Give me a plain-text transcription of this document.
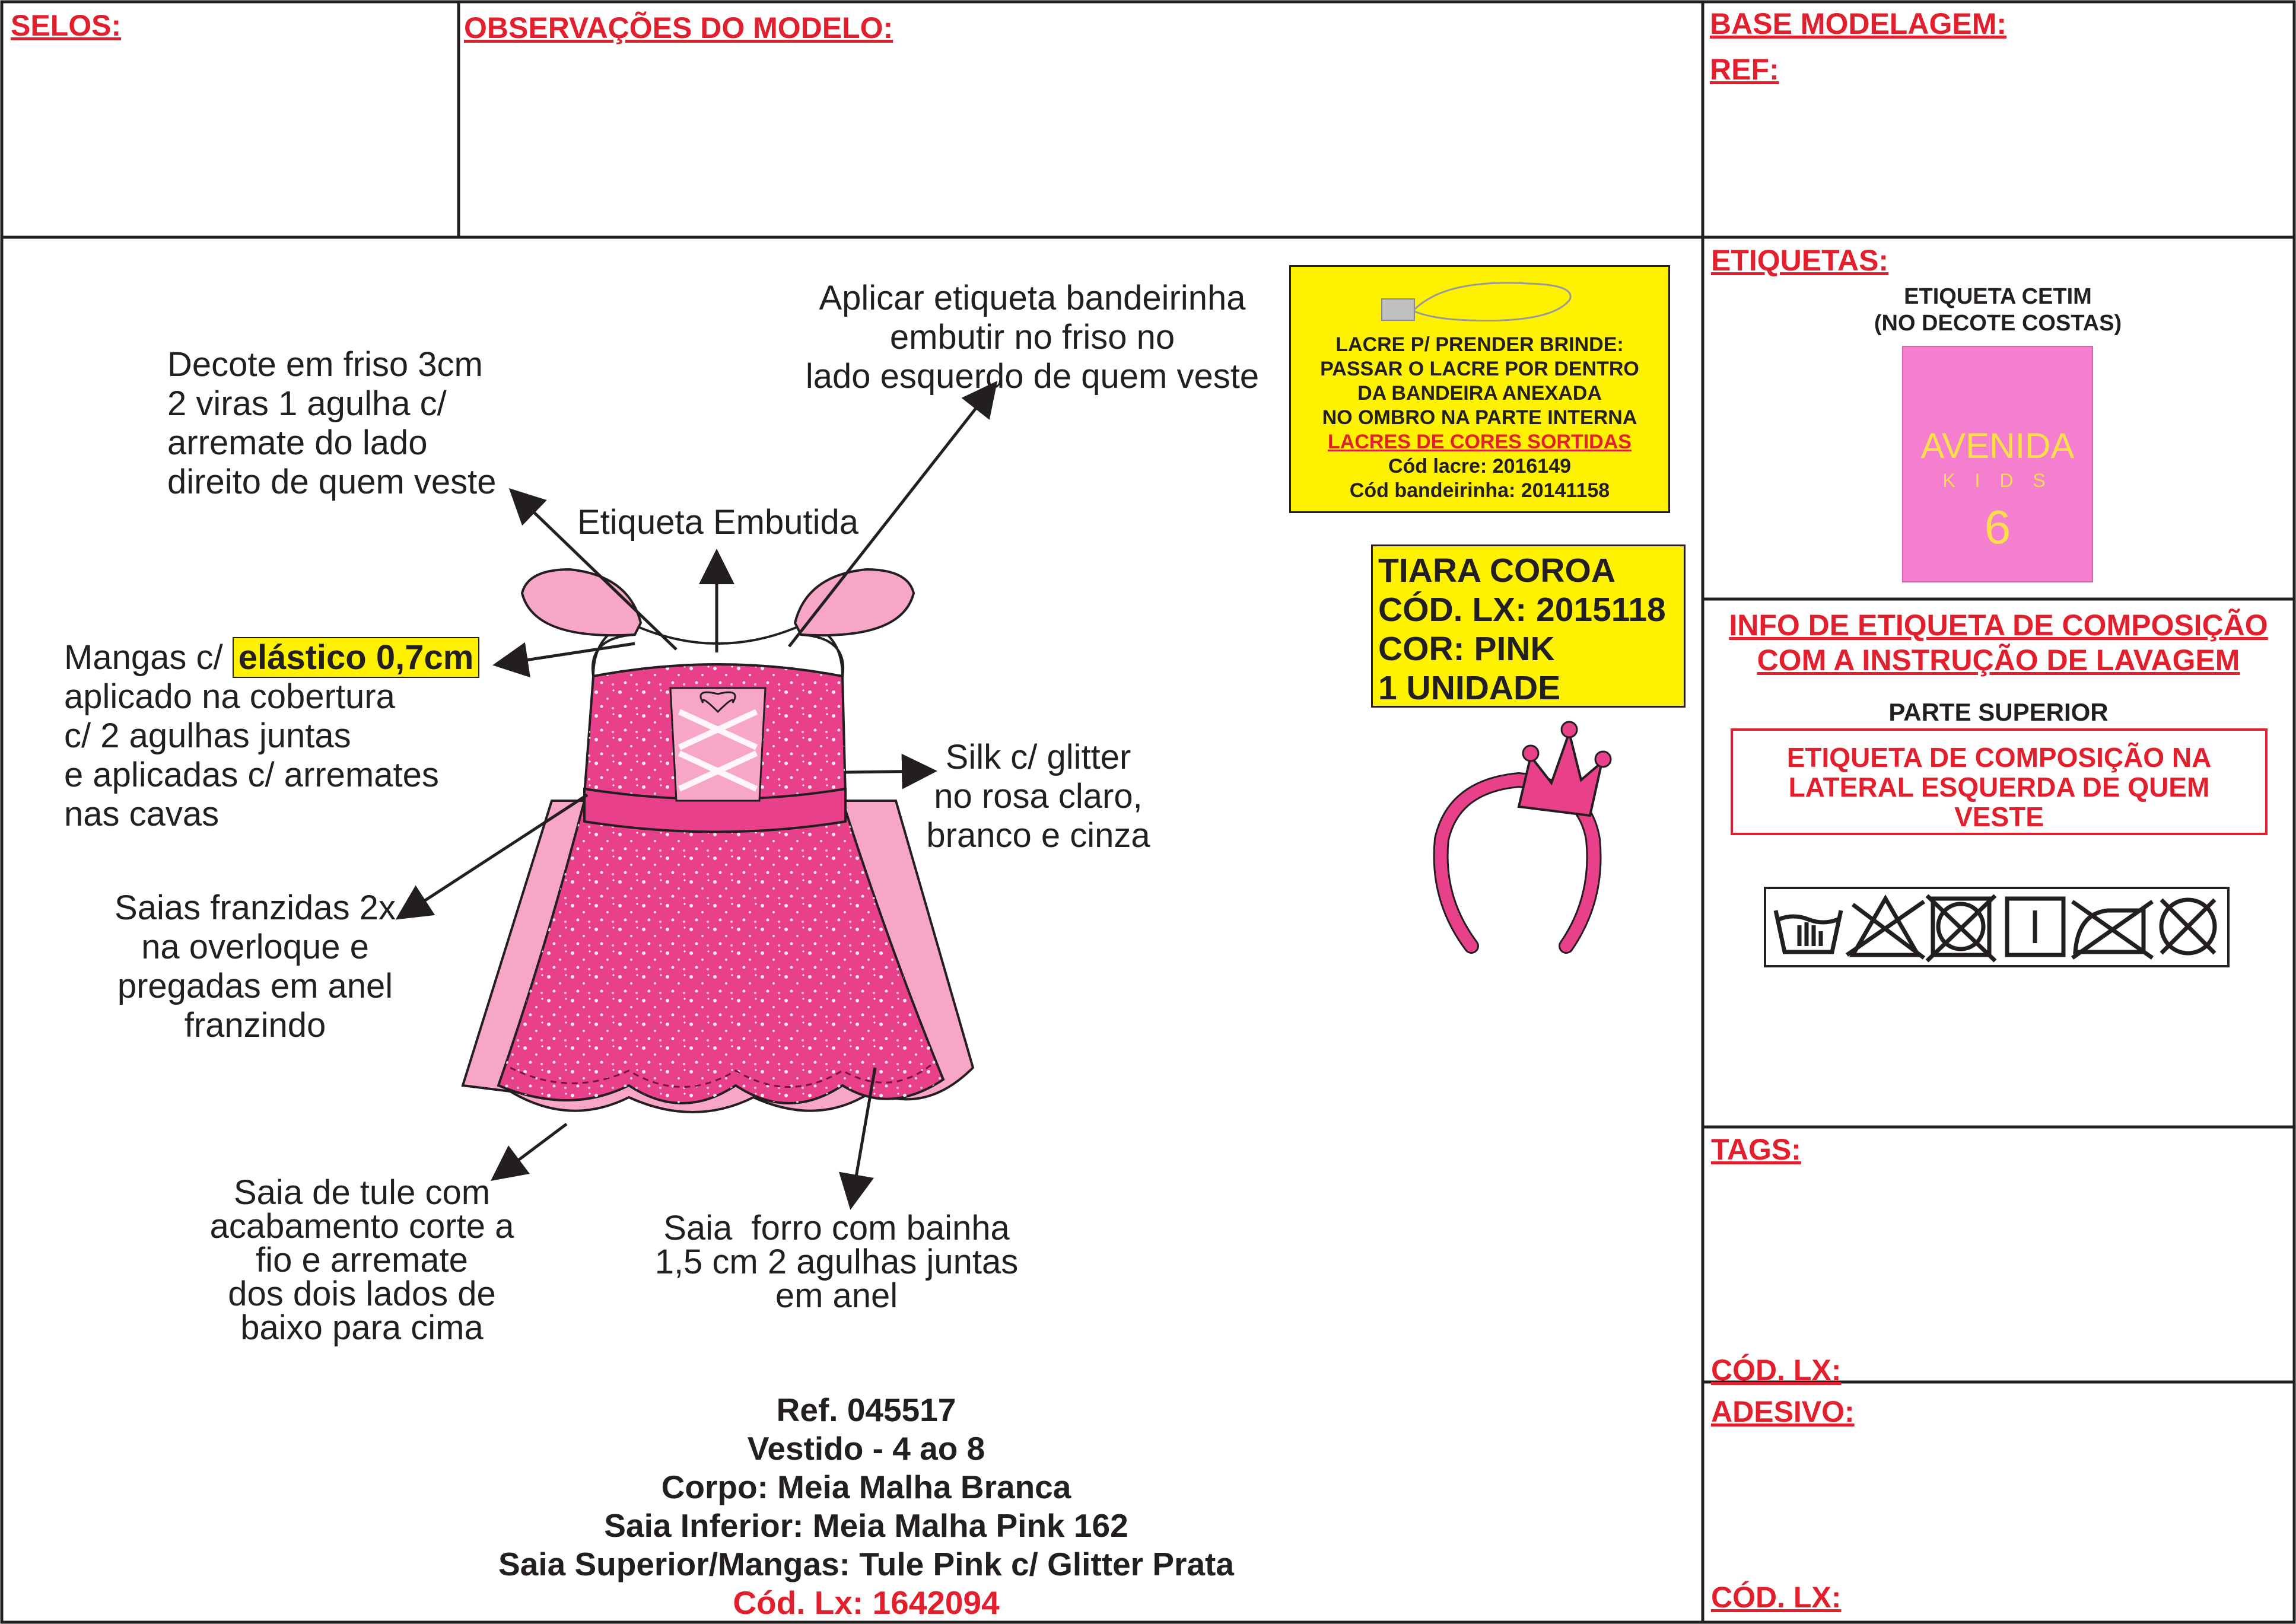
SELOS:	OBSERVAÇÕES DO MODELO:	BASE MODELAGEM:
REF:
Decote em friso 3cm
2 viras 1 agulha c/
arremate do lado
direito de quem veste
Aplicar etiqueta bandeirinha
embutir no friso no
lado esquerdo de quem veste
Etiqueta Embutida
Mangas c/ elástico 0,7cm
aplicado na cobertura
c/ 2 agulhas juntas
e aplicadas c/ arremates
nas cavas
Silk c/ glitter
no rosa claro,
branco e cinza
Saias franzidas 2x
na overloque e
pregadas em anel
franzindo
Saia de tule com
acabamento corte a
fio e arremate
dos dois lados de
baixo para cima
Saia  forro com bainha
1,5 cm 2 agulhas juntas
em anel
LACRE P/ PRENDER BRINDE:
PASSAR O LACRE POR DENTRO
DA BANDEIRA ANEXADA
NO OMBRO NA PARTE INTERNA
LACRES DE CORES SORTIDAS
Cód lacre: 2016149
Cód bandeirinha: 20141158
TIARA COROA
CÓD. LX: 2015118
COR: PINK
1 UNIDADE
Ref. 045517
Vestido - 4 ao 8
Corpo: Meia Malha Branca
Saia Inferior: Meia Malha Pink 162
Saia Superior/Mangas: Tule Pink c/ Glitter Prata
Cód. Lx: 1642094
ETIQUETAS:
ETIQUETA CETIM
(NO DECOTE COSTAS)
AVENIDA
K I D S
6
INFO DE ETIQUETA DE COMPOSIÇÃO
COM A INSTRUÇÃO DE LAVAGEM
PARTE SUPERIOR
ETIQUETA DE COMPOSIÇÃO NA
LATERAL ESQUERDA DE QUEM
VESTE
TAGS:
CÓD. LX:
ADESIVO:
CÓD. LX:
